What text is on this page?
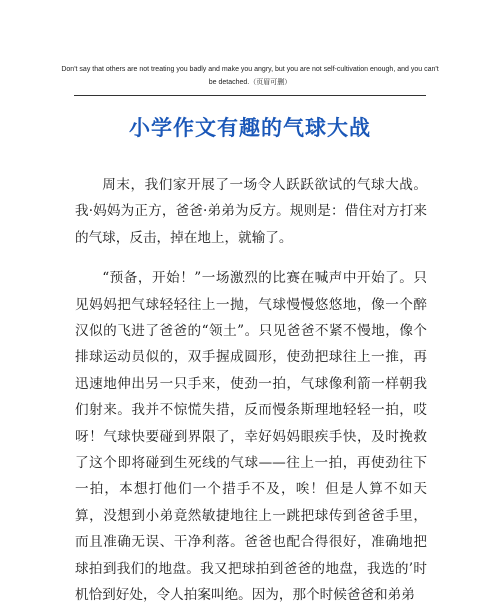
Don't say that others are not treating you badly and make you angry, but you are not self-cultivation enough, and you can't be detached.（页眉可删）
小学作文有趣的气球大战

周末，我们家开展了一场令人跃跃欲试的气球大战。我·妈妈为正方，爸爸·弟弟为反方。规则是：借住对方打来的气球，反击，掉在地上，就输了。

“预备，开始！”一场激烈的比赛在喊声中开始了。只见妈妈把气球轻轻往上一抛，气球慢慢悠悠地，像一个醉汉似的飞进了爸爸的“领土”。只见爸爸不紧不慢地，像个排球运动员似的，双手握成圆形，使劲把球往上一推，再迅速地伸出另一只手来，使劲一拍，气球像利箭一样朝我们射来。我并不惊慌失措，反而慢条斯理地轻轻一拍，哎呀！气球快要碰到界限了，幸好妈妈眼疾手快，及时挽救了这个即将碰到生死线的气球——往上一拍，再使劲往下一拍，本想打他们一个措手不及，唉！但是人算不如天算，没想到小弟竟然敏捷地往上一跳把球传到爸爸手里，而且准确无误、干净利落。爸爸也配合得很好，准确地把球拍到我们的地盘。我又把球拍到爸爸的地盘，我选的’时机恰到好处，令人拍案叫绝。因为，那个时候爸爸和弟弟
